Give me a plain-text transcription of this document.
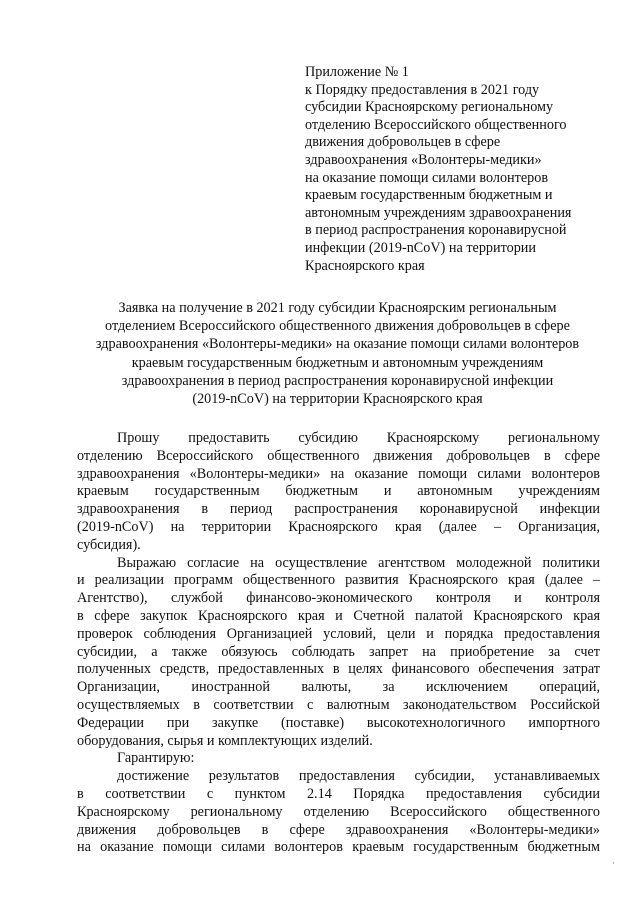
Приложение № 1
к Порядку предоставления в 2021 году
субсидии Красноярскому региональному
отделению Всероссийского общественного
движения добровольцев в сфере
здравоохранения «Волонтеры-медики»
на оказание помощи силами волонтеров
краевым государственным бюджетным и
автономным учреждениям здравоохранения
в период распространения коронавирусной
инфекции (2019-nCoV) на территории
Красноярского края
Заявка на получение в 2021 году субсидии Красноярским региональным
отделением Всероссийского общественного движения добровольцев в сфере
здравоохранения «Волонтеры-медики» на оказание помощи силами волонтеров
краевым государственным бюджетным и автономным учреждениям
здравоохранения в период распространения коронавирусной инфекции
(2019-nCoV) на территории Красноярского края
Прошу предоставить субсидию Красноярскому региональному
отделению Всероссийского общественного движения добровольцев в сфере
здравоохранения «Волонтеры-медики» на оказание помощи силами волонтеров
краевым государственным бюджетным и автономным учреждениям
здравоохранения в период распространения коронавирусной инфекции
(2019-nCoV) на территории Красноярского края (далее – Организация,
субсидия).
Выражаю согласие на осуществление агентством молодежной политики
и реализации программ общественного развития Красноярского края (далее –
Агентство), службой финансово-экономического контроля и контроля
в сфере закупок Красноярского края и Счетной палатой Красноярского края
проверок соблюдения Организацией условий, цели и порядка предоставления
субсидии, а также обязуюсь соблюдать запрет на приобретение за счет
полученных средств, предоставленных в целях финансового обеспечения затрат
Организации, иностранной валюты, за исключением операций,
осуществляемых в соответствии с валютным законодательством Российской
Федерации при закупке (поставке) высокотехнологичного импортного
оборудования, сырья и комплектующих изделий.
Гарантирую:
достижение результатов предоставления субсидии, устанавливаемых
в соответствии с пунктом 2.14 Порядка предоставления субсидии
Красноярскому региональному отделению Всероссийского общественного
движения добровольцев в сфере здравоохранения «Волонтеры-медики»
на оказание помощи силами волонтеров краевым государственным бюджетным
·
